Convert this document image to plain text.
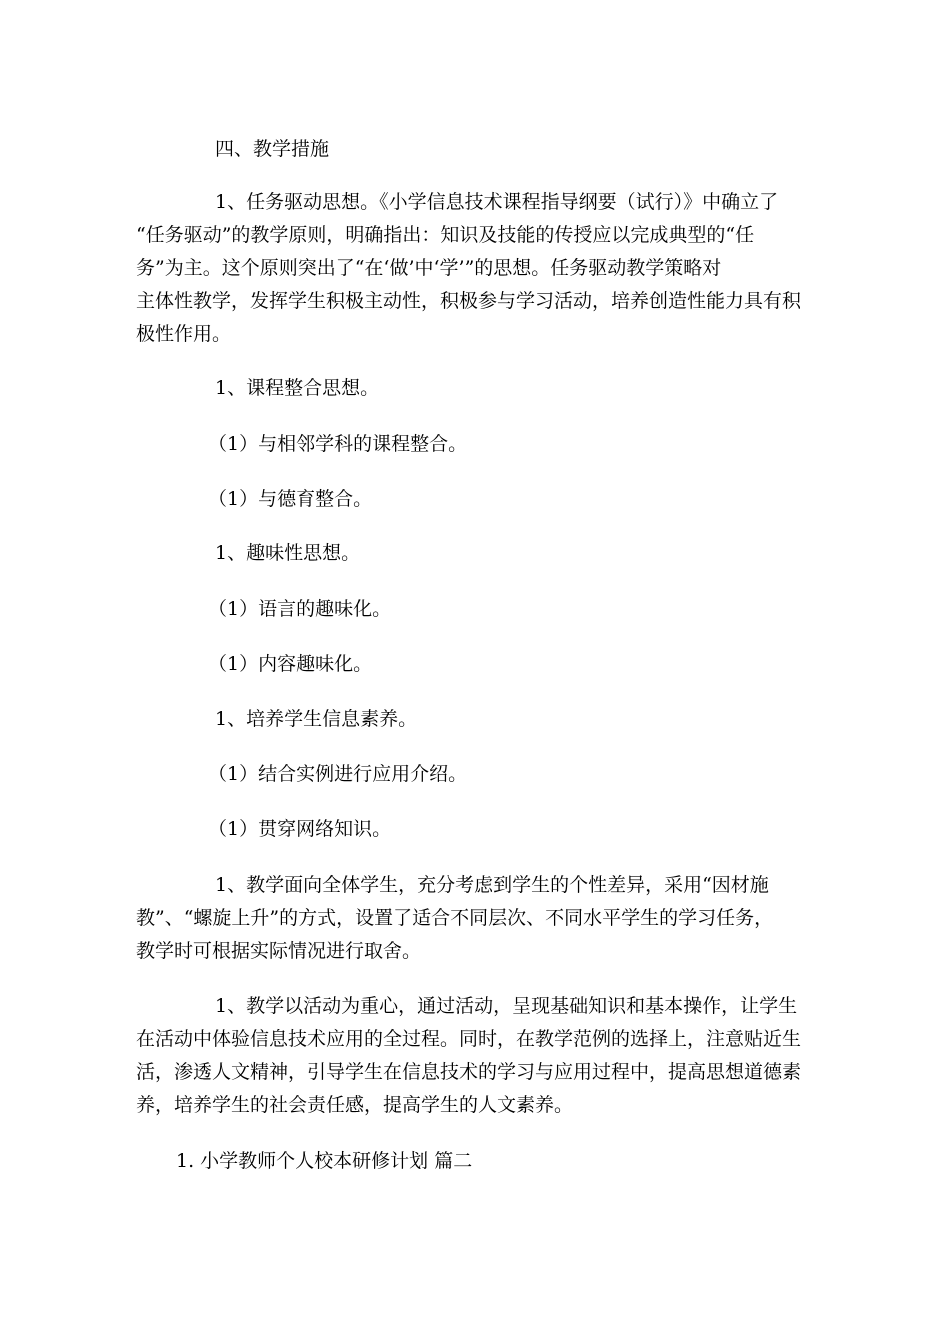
四、教学措施

1、任务驱动思想。《小学信息技术课程指导纲要（试行）》中确立了
“任务驱动”的教学原则，明确指出：知识及技能的传授应以完成典型的“任
务”为主。这个原则突出了“在‘做’中‘学’”的思想。任务驱动教学策略对
主体性教学，发挥学生积极主动性，积极参与学习活动，培养创造性能力具有积
极性作用。

1、课程整合思想。

（1）与相邻学科的课程整合。

（1）与德育整合。

1、趣味性思想。

（1）语言的趣味化。

（1）内容趣味化。

1、培养学生信息素养。

（1）结合实例进行应用介绍。

（1）贯穿网络知识。

1、教学面向全体学生，充分考虑到学生的个性差异，采用“因材施
教”、“螺旋上升”的方式，设置了适合不同层次、不同水平学生的学习任务，
教学时可根据实际情况进行取舍。
1、教学以活动为重心，通过活动，呈现基础知识和基本操作，让学生
在活动中体验信息技术应用的全过程。同时，在教学范例的选择上，注意贴近生
活，渗透人文精神，引导学生在信息技术的学习与应用过程中，提高思想道德素
养，培养学生的社会责任感，提高学生的人文素养。
1. 小学教师个人校本研修计划 篇二
